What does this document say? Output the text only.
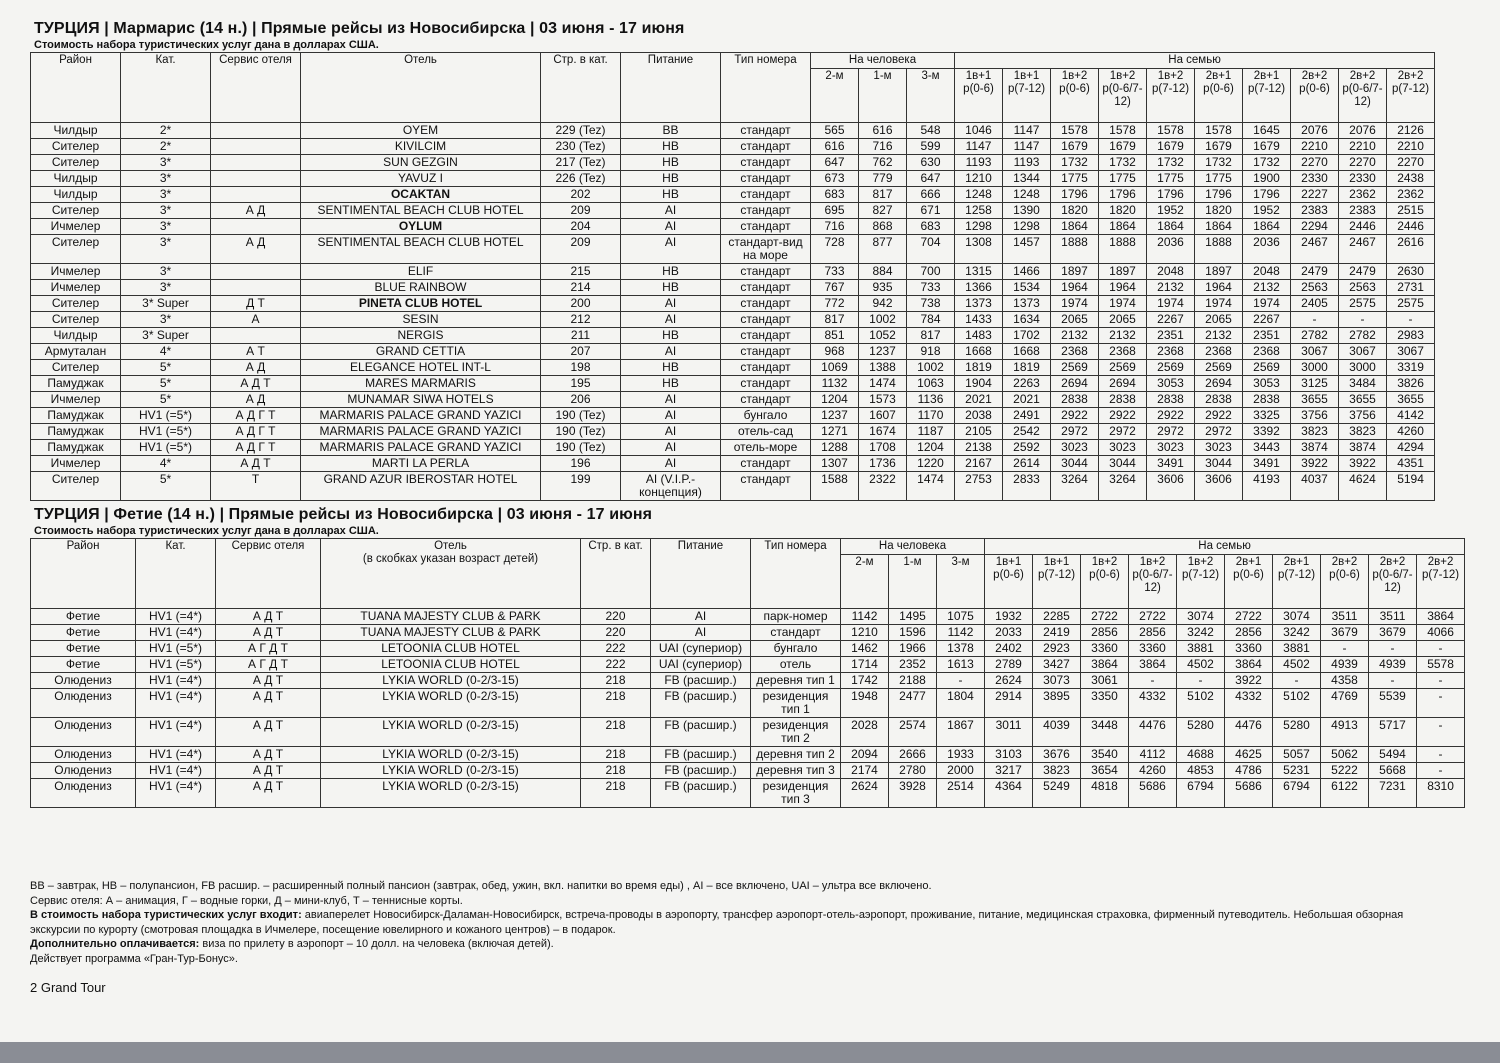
ТУРЦИЯ | Мармарис (14 н.) | Прямые рейсы из Новосибирска | 03 июня - 17 июня
Стоимость набора туристических услуг дана в долларах США.
Район	Кат.	Сервис отеля	Отель	Стр. в кат.	Питание	Тип номера	На человека			На семью									
							2-м	1-м	3-м	1в+1 р(0-6)	1в+1 р(7-12)	1в+2 р(0-6)	1в+2 р(0-6/7-12)	1в+2 р(7-12)	2в+1 р(0-6)	2в+1 р(7-12)	2в+2 р(0-6)	2в+2 р(0-6/7-12)	2в+2 р(7-12)
Чилдыр	2*		OYEM	229 (Tez)	BB	стандарт	565	616	548	1046	1147	1578	1578	1578	1578	1645	2076	2076	2126
Сителер	2*		KIVILCIM	230 (Tez)	HB	стандарт	616	716	599	1147	1147	1679	1679	1679	1679	1679	2210	2210	2210
Сителер	3*		SUN GEZGIN	217 (Tez)	HB	стандарт	647	762	630	1193	1193	1732	1732	1732	1732	1732	2270	2270	2270
Чилдыр	3*		YAVUZ I	226 (Tez)	HB	стандарт	673	779	647	1210	1344	1775	1775	1775	1775	1900	2330	2330	2438
Чилдыр	3*		OCAKTAN	202	HB	стандарт	683	817	666	1248	1248	1796	1796	1796	1796	1796	2227	2362	2362
Сителер	3*	А Д	SENTIMENTAL BEACH CLUB HOTEL	209	AI	стандарт	695	827	671	1258	1390	1820	1820	1952	1820	1952	2383	2383	2515
Ичмелер	3*		OYLUM	204	AI	стандарт	716	868	683	1298	1298	1864	1864	1864	1864	1864	2294	2446	2446
Сителер	3*	А Д	SENTIMENTAL BEACH CLUB HOTEL	209	AI	стандарт-вид на море	728	877	704	1308	1457	1888	1888	2036	1888	2036	2467	2467	2616
Ичмелер	3*		ELIF	215	HB	стандарт	733	884	700	1315	1466	1897	1897	2048	1897	2048	2479	2479	2630
Ичмелер	3*		BLUE RAINBOW	214	HB	стандарт	767	935	733	1366	1534	1964	1964	2132	1964	2132	2563	2563	2731
Сителер	3* Super	Д Т	PINETA CLUB HOTEL	200	AI	стандарт	772	942	738	1373	1373	1974	1974	1974	1974	1974	2405	2575	2575
Сителер	3*	А	SESIN	212	AI	стандарт	817	1002	784	1433	1634	2065	2065	2267	2065	2267	-	-	-
Чилдыр	3* Super		NERGIS	211	HB	стандарт	851	1052	817	1483	1702	2132	2132	2351	2132	2351	2782	2782	2983
Армуталан	4*	А Т	GRAND CETTIA	207	AI	стандарт	968	1237	918	1668	1668	2368	2368	2368	2368	2368	3067	3067	3067
Сителер	5*	А Д	ELEGANCE HOTEL INT-L	198	HB	стандарт	1069	1388	1002	1819	1819	2569	2569	2569	2569	2569	3000	3000	3319
Памуджак	5*	А Д Т	MARES MARMARIS	195	HB	стандарт	1132	1474	1063	1904	2263	2694	2694	3053	2694	3053	3125	3484	3826
Ичмелер	5*	А Д	MUNAMAR SIWA HOTELS	206	AI	стандарт	1204	1573	1136	2021	2021	2838	2838	2838	2838	2838	3655	3655	3655
Памуджак	HV1 (=5*)	А Д Г Т	MARMARIS PALACE GRAND YAZICI	190 (Tez)	AI	бунгало	1237	1607	1170	2038	2491	2922	2922	2922	2922	3325	3756	3756	4142
Памуджак	HV1 (=5*)	А Д Г Т	MARMARIS PALACE GRAND YAZICI	190 (Tez)	AI	отель-сад	1271	1674	1187	2105	2542	2972	2972	2972	2972	3392	3823	3823	4260
Памуджак	HV1 (=5*)	А Д Г Т	MARMARIS PALACE GRAND YAZICI	190 (Tez)	AI	отель-море	1288	1708	1204	2138	2592	3023	3023	3023	3023	3443	3874	3874	4294
Ичмелер	4*	А Д Т	MARTI LA PERLA	196	AI	стандарт	1307	1736	1220	2167	2614	3044	3044	3491	3044	3491	3922	3922	4351
Сителер	5*	Т	GRAND AZUR IBEROSTAR HOTEL	199	AI (V.I.P.-концепция)	стандарт	1588	2322	1474	2753	2833	3264	3264	3606	3606	4193	4037	4624	5194
ТУРЦИЯ | Фетие (14 н.) | Прямые рейсы из Новосибирска | 03 июня - 17 июня
Стоимость набора туристических услуг дана в долларах США.
Район	Кат.	Сервис отеля	Отель
(в скобках указан возраст детей)	Стр. в кат.	Питание	Тип номера	На человека			На семью									
							2-м	1-м	3-м	1в+1 р(0-6)	1в+1 р(7-12)	1в+2 р(0-6)	1в+2 р(0-6/7-12)	1в+2 р(7-12)	2в+1 р(0-6)	2в+1 р(7-12)	2в+2 р(0-6)	2в+2 р(0-6/7-12)	2в+2 р(7-12)
Фетие	HV1 (=4*)	А Д Т	TUANA MAJESTY CLUB & PARK	220	AI	парк-номер	1142	1495	1075	1932	2285	2722	2722	3074	2722	3074	3511	3511	3864
Фетие	HV1 (=4*)	А Д Т	TUANA MAJESTY CLUB & PARK	220	AI	стандарт	1210	1596	1142	2033	2419	2856	2856	3242	2856	3242	3679	3679	4066
Фетие	HV1 (=5*)	А Г Д Т	LETOONIA CLUB HOTEL	222	UAI (супериор)	бунгало	1462	1966	1378	2402	2923	3360	3360	3881	3360	3881	-	-	-
Фетие	HV1 (=5*)	А Г Д Т	LETOONIA CLUB HOTEL	222	UAI (супериор)	отель	1714	2352	1613	2789	3427	3864	3864	4502	3864	4502	4939	4939	5578
Олюдениз	HV1 (=4*)	А Д Т	LYKIA WORLD (0-2/3-15)	218	FB (расшир.)	деревня тип 1	1742	2188	-	2624	3073	3061	-	-	3922	-	4358	-	-
Олюдениз	HV1 (=4*)	А Д Т	LYKIA WORLD (0-2/3-15)	218	FB (расшир.)	резиденция тип 1	1948	2477	1804	2914	3895	3350	4332	5102	4332	5102	4769	5539	-
Олюдениз	HV1 (=4*)	А Д Т	LYKIA WORLD (0-2/3-15)	218	FB (расшир.)	резиденция тип 2	2028	2574	1867	3011	4039	3448	4476	5280	4476	5280	4913	5717	-
Олюдениз	HV1 (=4*)	А Д Т	LYKIA WORLD (0-2/3-15)	218	FB (расшир.)	деревня тип 2	2094	2666	1933	3103	3676	3540	4112	4688	4625	5057	5062	5494	-
Олюдениз	HV1 (=4*)	А Д Т	LYKIA WORLD (0-2/3-15)	218	FB (расшир.)	деревня тип 3	2174	2780	2000	3217	3823	3654	4260	4853	4786	5231	5222	5668	-
Олюдениз	HV1 (=4*)	А Д Т	LYKIA WORLD (0-2/3-15)	218	FB (расшир.)	резиденция тип 3	2624	3928	2514	4364	5249	4818	5686	6794	5686	6794	6122	7231	8310

BB – завтрак, HB – полупансион, FB расшир. – расширенный полный пансион (завтрак, обед, ужин, вкл. напитки во время еды) , AI – все включено, UAI – ультра все включено.

Сервис отеля: А – анимация, Г – водные горки, Д – мини-клуб, Т – теннисные корты.

В стоимость набора туристических услуг входит: авиаперелет Новосибирск-Даламан-Новосибирск, встреча-проводы в аэропорту, трансфер аэропорт-отель-аэропорт, проживание, питание, медицинская страховка, фирменный путеводитель. Небольшая обзорная экскурсии по курорту (смотровая площадка в Ичмелере, посещение ювелирного и кожаного центров) – в подарок.

Дополнительно оплачивается: виза по прилету в аэропорт – 10 долл. на человека (включая детей).

Действует программа «Гран-Тур-Бонус».

2 Grand Tour
